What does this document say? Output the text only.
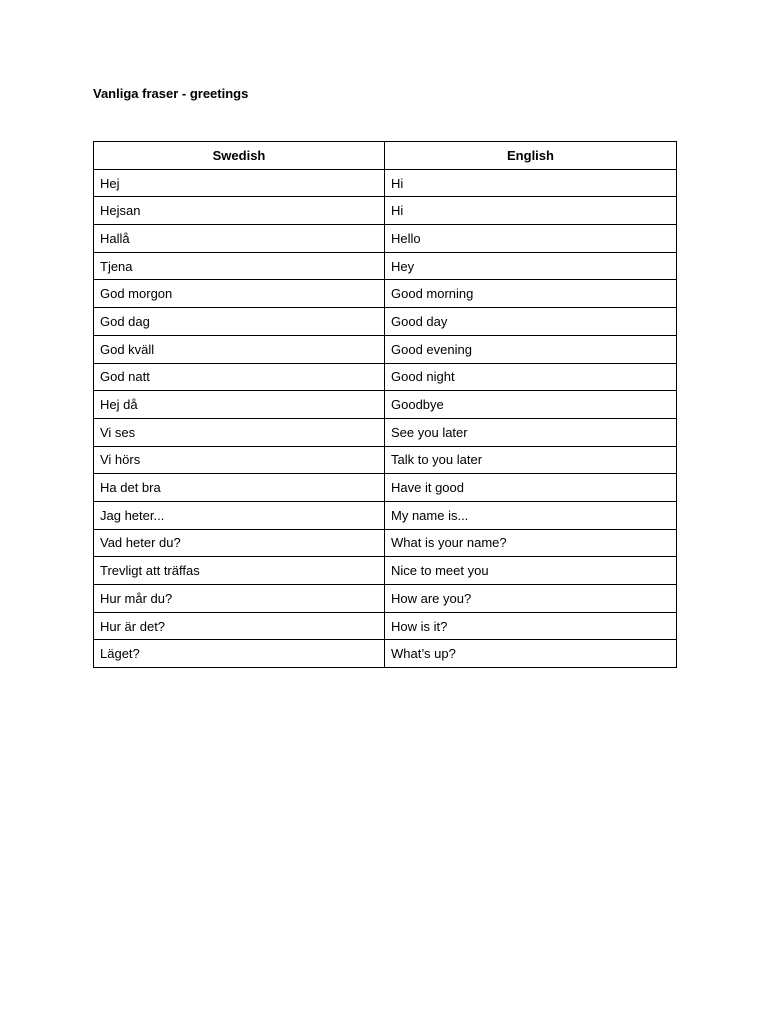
Vanliga fraser - greetings
Swedish	English
Hej	Hi
Hejsan	Hi
Hallå	Hello
Tjena	Hey
God morgon	Good morning
God dag	Good day
God kväll	Good evening
God natt	Good night
Hej då	Goodbye
Vi ses	See you later
Vi hörs	Talk to you later
Ha det bra	Have it good
Jag heter...	My name is...
Vad heter du?	What is your name?
Trevligt att träffas	Nice to meet you
Hur mår du?	How are you?
Hur är det?	How is it?
Läget?	What’s up?
